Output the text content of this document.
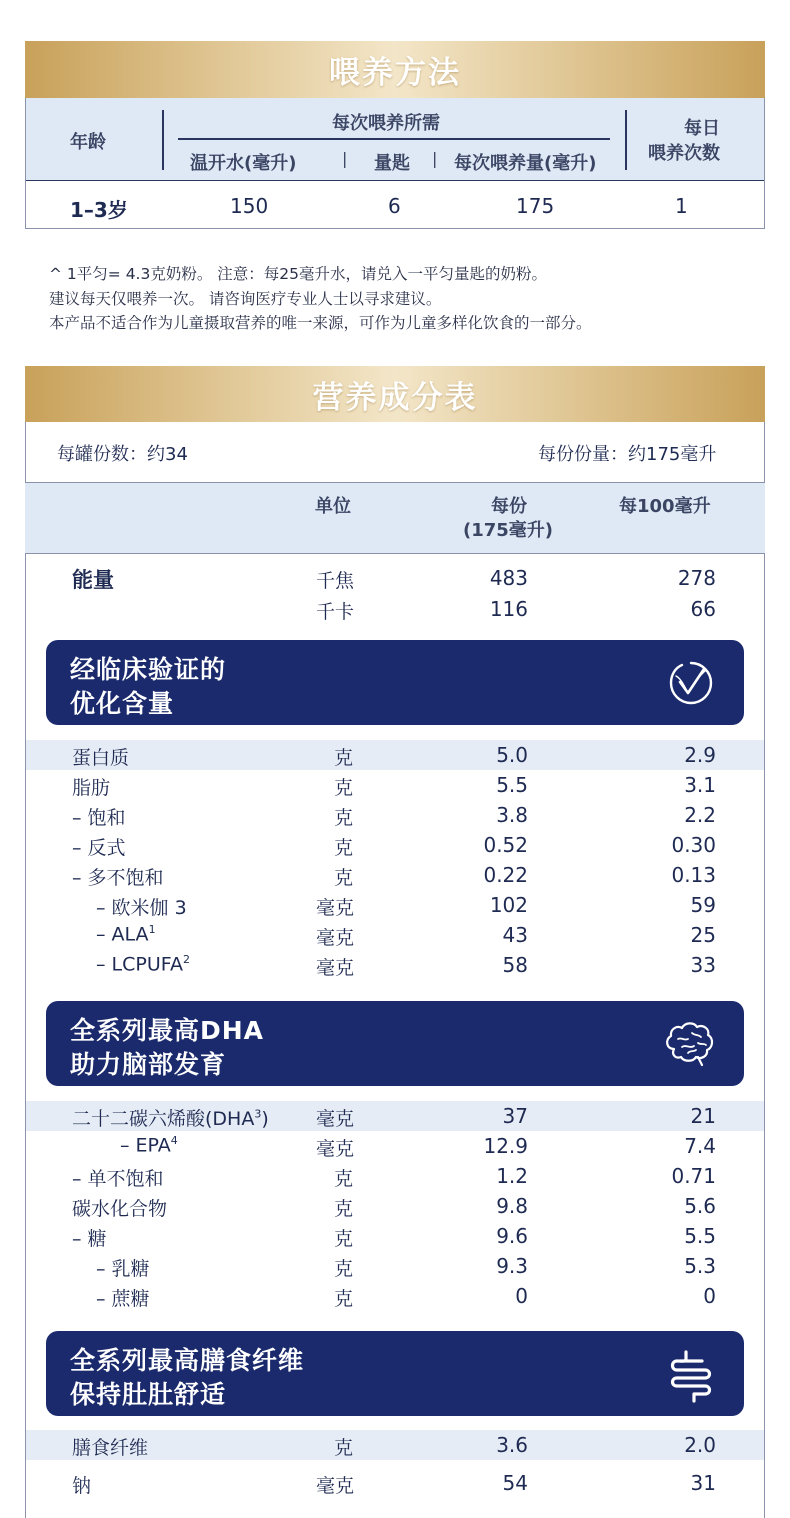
喂养方法
年龄
每次喂养所需
温开水(毫升)	| 量匙 | 每次喂养量(毫升)
每日
喂养次数
1–3岁	150	6	175	1
^ 1平匀= 4.3克奶粉。 注意：每25毫升水，请兑入一平匀量匙的奶粉。
建议每天仅喂养一次。 请咨询医疗专业人士以寻求建议。
本产品不适合作为儿童摄取营养的唯一来源，可作为儿童多样化饮食的一部分。
营养成分表
每罐份数：约34	每份份量：约175毫升
单位	每份
(175毫升)
每100毫升
能量	千焦	483	278
千卡	116	66
经临床验证的
优化含量
蛋白质	克	5.0	2.9
脂肪	克	5.5	3.1
– 饱和	克	3.8	2.2
– 反式	克	0.52	0.30
– 多不饱和	克	0.22	0.13
– 欧米伽 3	毫克	102	59
– ALA$^1$	毫克	43	25
– LCPUFA$^2$	毫克	58	33
全系列最高DHA
助力脑部发育
二十二碳六烯酸(DHA$^3$) 毫克	37	21
– EPA$^4$	毫克	12.9	7.4
– 单不饱和	克	1.2	0.71
碳水化合物	克	9.8	5.6
– 糖	克	9.6	5.5
– 乳糖	克	9.3	5.3
– 蔗糖	克	0	0
全系列最高膳食纤维
保持肚肚舒适
膳食纤维	克	3.6	2.0
钠	毫克	54	31
